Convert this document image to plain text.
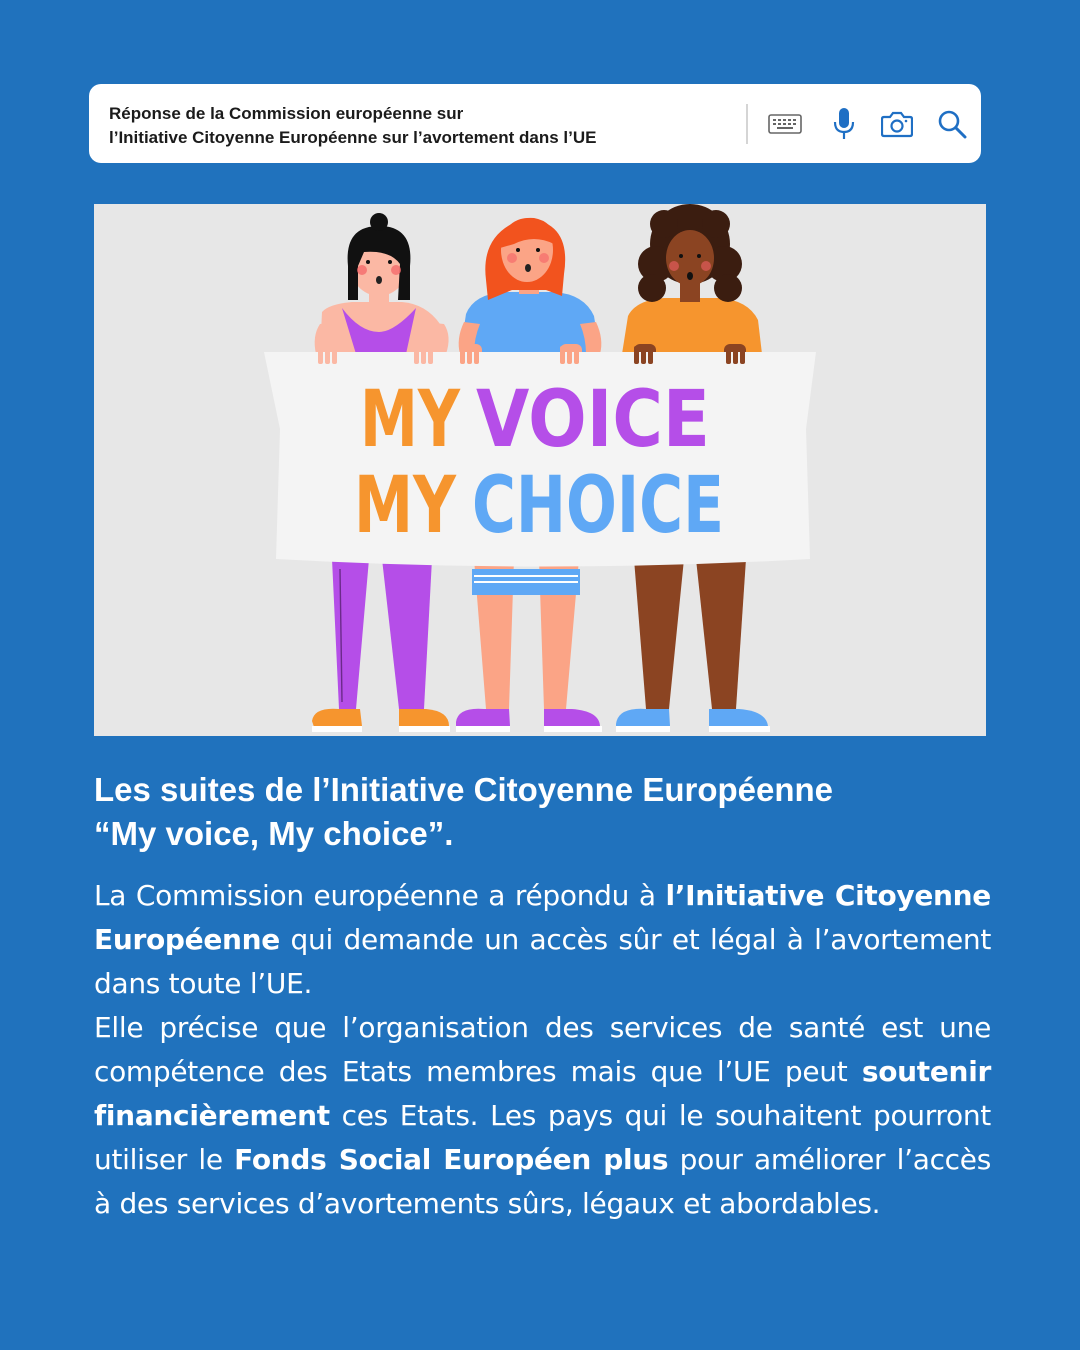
Réponse de la Commission européenne sur
l’Initiative Citoyenne Européenne sur l’avortement dans l’UE
MY VOICE
MY CHOICE
Les suites de l’Initiative Citoyenne Européenne
“My voice, My choice”.

La Commission européenne a répondu à l’Initiative Citoyenne Européenne qui demande un accès sûr et légal à l’avortement dans toute l’UE.

Elle précise que l’organisation des services de santé est une compétence des Etats membres mais que l’UE peut soutenir financièrement ces Etats. Les pays qui le souhaitent pourront utiliser le Fonds Social Européen plus pour améliorer l’accès à des services d’avortements sûrs, légaux et abordables.
